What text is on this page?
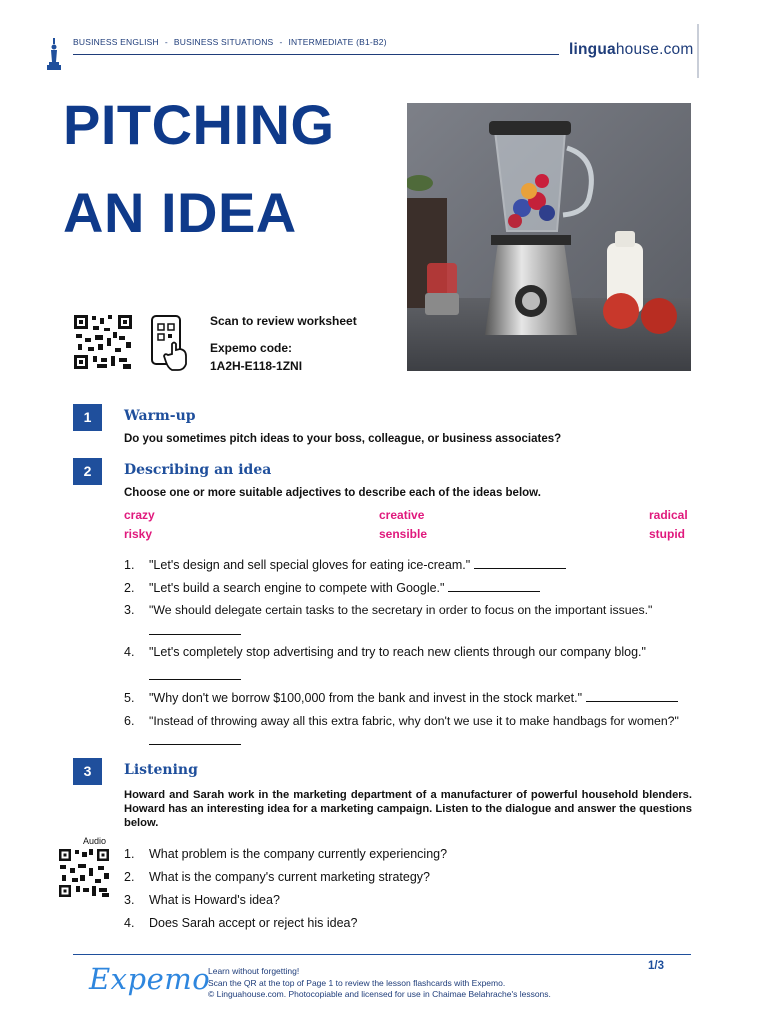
BUSINESS ENGLISH - BUSINESS SITUATIONS - INTERMEDIATE (B1-B2)	linguahouse.com
PITCHING
AN IDEA
Scan to review worksheet
Expemo code:
1A2H-E118-1ZNI
1	Warm-up
Do you sometimes pitch ideas to your boss, colleague, or business associates?
2	Describing an idea
Choose one or more suitable adjectives to describe each of the ideas below.
crazy	creative	radical
risky	sensible	stupid
1. "Let's design and sell special gloves for eating ice-cream."
2. "Let's build a search engine to compete with Google."
3. "We should delegate certain tasks to the secretary in order to focus on the important issues."
4. "Let's completely stop advertising and try to reach new clients through our company blog."
5. "Why don't we borrow $100,000 from the bank and invest in the stock market."
6. "Instead of throwing away all this extra fabric, why don't we use it to make handbags for women?"
3	Listening
Howard and Sarah work in the marketing department of a manufacturer of powerful household blenders. Howard has an interesting idea for a marketing campaign. Listen to the dialogue and answer the questions below.
Audio
1. What problem is the company currently experiencing?
2. What is the company's current marketing strategy?
3. What is Howard's idea?
4. Does Sarah accept or reject his idea?
Expemo
Learn without forgetting!
Scan the QR at the top of Page 1 to review the lesson flashcards with Expemo.
© Linguahouse.com. Photocopiable and licensed for use in Chaimae Belahrache's lessons.
1/3
